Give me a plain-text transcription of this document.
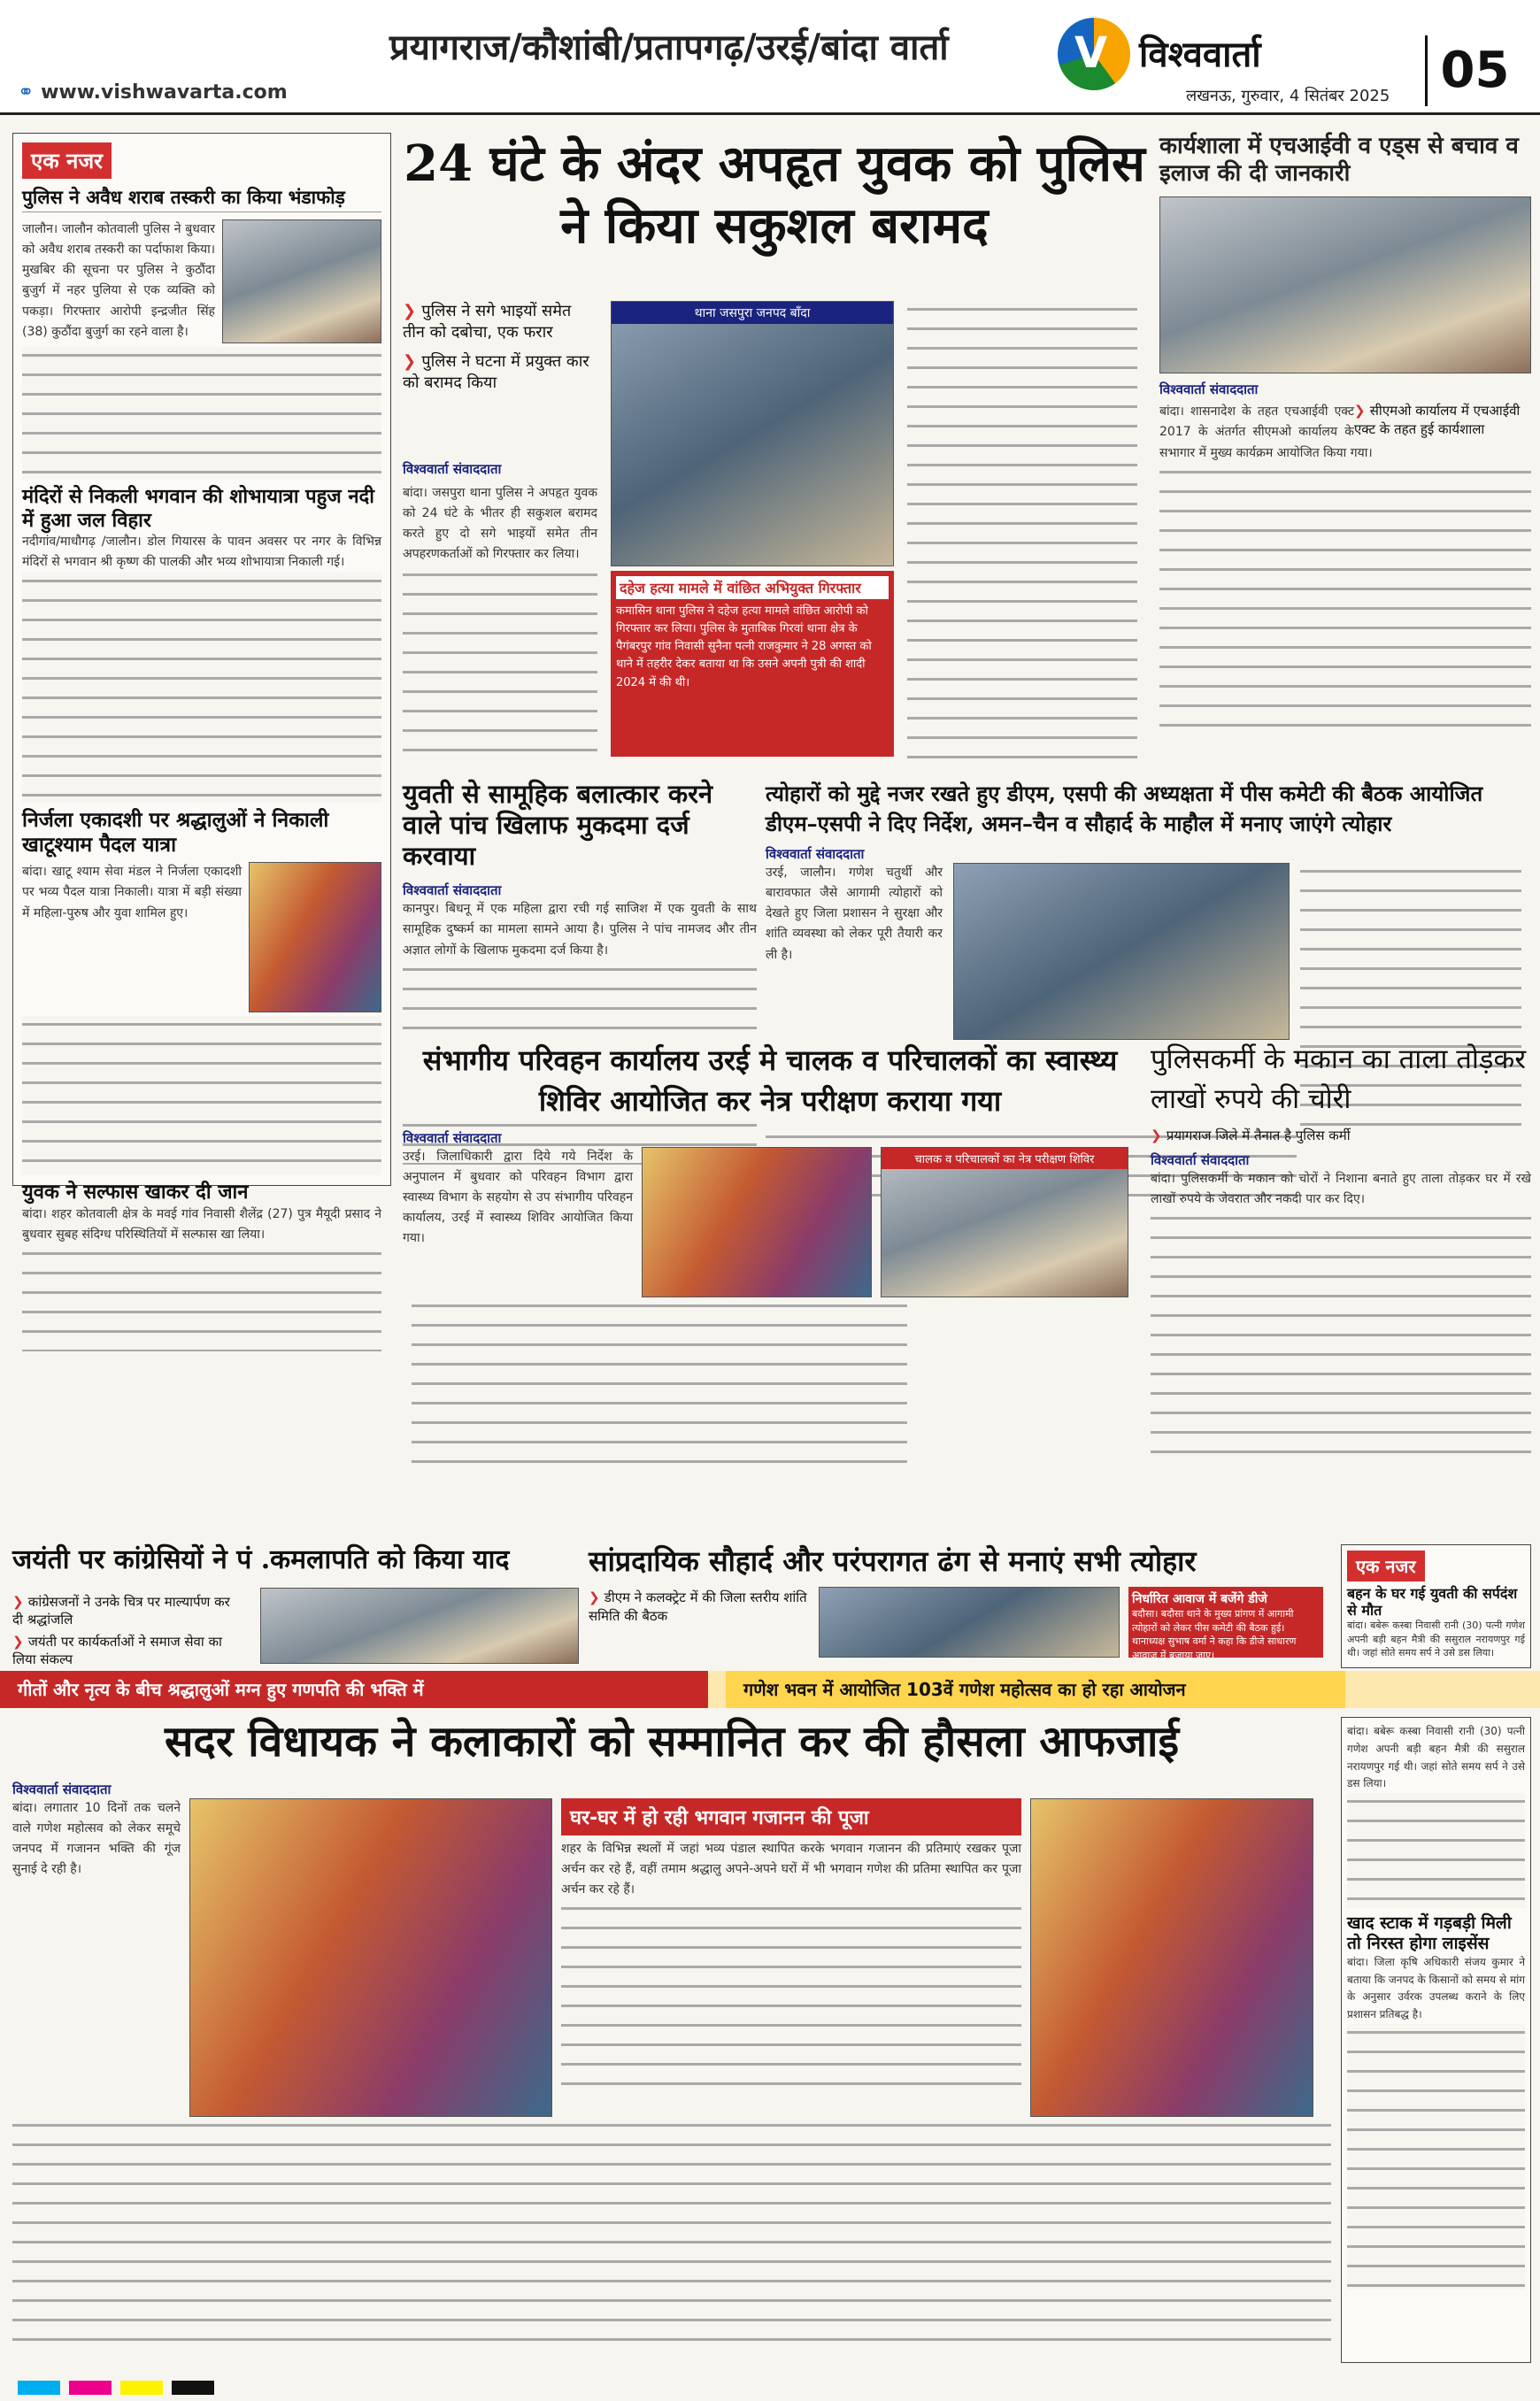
प्रयागराज/कौशांबी/प्रतापगढ़/उरई/बांदा वार्ता
⚭ www.vishwavarta.com
V विश्ववार्ता
लखनऊ, गुरुवार, 4 सितंबर 2025	05
एक नजर
पुलिस ने अवैध शराब तस्करी का किया भंडाफोड़
जालौन। जालौन कोतवाली पुलिस ने बुधवार को अवैध शराब तस्करी का पर्दाफाश किया। मुखबिर की सूचना पर पुलिस ने कुठौंदा बुजुर्ग में नहर पुलिया से एक व्यक्ति को पकड़ा। गिरफ्तार आरोपी इन्द्रजीत सिंह (38) कुठौंदा बुजुर्ग का रहने वाला है।
मंदिरों से निकली भगवान की शोभायात्रा पहुज नदी में हुआ जल विहार
नदीगांव/माधौगढ़ /जालौन। डोल गियारस के पावन अवसर पर नगर के विभिन्न मंदिरों से भगवान श्री कृष्ण की पालकी और भव्य शोभायात्रा निकाली गई।
निर्जला एकादशी पर श्रद्धालुओं ने निकाली खाटूश्याम पैदल यात्रा
बांदा। खाटू श्याम सेवा मंडल ने निर्जला एकादशी पर भव्य पैदल यात्रा निकाली। यात्रा में बड़ी संख्या में महिला-पुरुष और युवा शामिल हुए।
युवक ने सल्फास खाकर दी जान
बांदा। शहर कोतवाली क्षेत्र के मवई गांव निवासी शैलेंद्र (27) पुत्र मैयूदी प्रसाद ने बुधवार सुबह संदिग्ध परिस्थितियों में सल्फास खा लिया।
24 घंटे के अंदर अपहृत युवक को पुलिस ने किया सकुशल बरामद
❯ पुलिस ने सगे भाइयों समेत तीन को दबोचा, एक फरार
❯ पुलिस ने घटना में प्रयुक्त कार को बरामद किया
विश्ववार्ता संवाददाता
बांदा। जसपुरा थाना पुलिस ने अपहृत युवक को 24 घंटे के भीतर ही सकुशल बरामद करते हुए दो सगे भाइयों समेत तीन अपहरणकर्ताओं को गिरफ्तार कर लिया।
थाना जसपुरा जनपद बाँदा
दहेज हत्या मामले में वांछित अभियुक्त गिरफ्तार
कमासिन थाना पुलिस ने दहेज हत्या मामले वांछित आरोपी को गिरफ्तार कर लिया। पुलिस के मुताबिक गिरवां थाना क्षेत्र के पैगंबरपुर गांव निवासी सुनैना पत्नी राजकुमार ने 28 अगस्त को थाने में तहरीर देकर बताया था कि उसने अपनी पुत्री की शादी 2024 में की थी।
कार्यशाला में एचआईवी व एड्स से बचाव व इलाज की दी जानकारी
विश्ववार्ता संवाददाता
❯ सीएमओ कार्यालय में एचआईवी एक्ट के तहत हुई कार्यशाला
बांदा। शासनादेश के तहत एचआईवी एक्ट 2017 के अंतर्गत सीएमओ कार्यालय के सभागार में मुख्य कार्यक्रम आयोजित किया गया।
युवती से सामूहिक बलात्कार करने वाले पांच खिलाफ मुकदमा दर्ज करवाया
विश्ववार्ता संवाददाता
कानपुर। बिधनू में एक महिला द्वारा रची गई साजिश में एक युवती के साथ सामूहिक दुष्कर्म का मामला सामने आया है। पुलिस ने पांच नामजद और तीन अज्ञात लोगों के खिलाफ मुकदमा दर्ज किया है।
त्योहारों को मुद्दे नजर रखते हुए डीएम, एसपी की अध्यक्षता में पीस कमेटी की बैठक आयोजित डीएम–एसपी ने दिए निर्देश, अमन–चैन व सौहार्द के माहौल में मनाए जाएंगे त्योहार
विश्ववार्ता संवाददाता
उरई, जालौन। गणेश चतुर्थी और बारावफात जैसे आगामी त्योहारों को देखते हुए जिला प्रशासन ने सुरक्षा और शांति व्यवस्था को लेकर पूरी तैयारी कर ली है।
संभागीय परिवहन कार्यालय उरई मे चालक व परिचालकों का स्वास्थ्य शिविर आयोजित कर नेत्र परीक्षण कराया गया
विश्ववार्ता संवाददाता
उरई। जिलाधिकारी द्वारा दिये गये निर्देश के अनुपालन में बुधवार को परिवहन विभाग द्वारा स्वास्थ्य विभाग के सहयोग से उप संभागीय परिवहन कार्यालय, उरई में स्वास्थ्य शिविर आयोजित किया गया।
चालक व परिचालकों का नेत्र परीक्षण शिविर
पुलिसकर्मी के मकान का ताला तोड़कर लाखों रुपये की चोरी
❯ प्रयागराज जिले में तैनात है पुलिस कर्मी
विश्ववार्ता संवाददाता
बांदा। पुलिसकर्मी के मकान को चोरों ने निशाना बनाते हुए ताला तोड़कर घर में रखे लाखों रुपये के जेवरात और नकदी पार कर दिए।
जयंती पर कांग्रेसियों ने पं .कमलापति को किया याद
❯ कांग्रेसजनों ने उनके चित्र पर माल्यार्पण कर दी श्रद्धांजलि
❯ जयंती पर कार्यकर्ताओं ने समाज सेवा का लिया संकल्प
सांप्रदायिक सौहार्द और परंपरागत ढंग से मनाएं सभी त्योहार
❯ डीएम ने कलक्ट्रेट में की जिला स्तरीय शांति समिति की बैठक
निर्धारित आवाज में बजेंगे डीजे
बदौसा। बदौसा थाने के मुख्य प्रांगण में आगामी त्योहारों को लेकर पीस कमेटी की बैठक हुई। थानाध्यक्ष सुभाष वर्मा ने कहा कि डीजे साधारण आवाज में बजाया जाए।
एक नजर
बहन के घर गई युवती की सर्पदंश से मौत
बांदा। बबेरू कस्बा निवासी रानी (30) पत्नी गणेश अपनी बड़ी बहन मैत्री की ससुराल नरायणपुर गई थी। जहां सोते समय सर्प ने उसे डस लिया।
गीतों और नृत्य के बीच श्रद्धालुओं मग्न हुए गणपति की भक्ति में	गणेश भवन में आयोजित 103वें गणेश महोत्सव का हो रहा आयोजन
सदर विधायक ने कलाकारों को सम्मानित कर की हौसला आफजाई
विश्ववार्ता संवाददाता
बांदा। लगातार 10 दिनों तक चलने वाले गणेश महोत्सव को लेकर समूचे जनपद में गजानन भक्ति की गूंज सुनाई दे रही है।
घर-घर में हो रही भगवान गजानन की पूजा
शहर के विभिन्न स्थलों में जहां भव्य पंडाल स्थापित करके भगवान गजानन की प्रतिमाएं रखकर पूजा अर्चन कर रहे हैं, वहीं तमाम श्रद्धालु अपने-अपने घरों में भी भगवान गणेश की प्रतिमा स्थापित कर पूजा अर्चन कर रहे हैं।
बांदा। बबेरू कस्बा निवासी रानी (30) पत्नी गणेश अपनी बड़ी बहन मैत्री की ससुराल नरायणपुर गई थी। जहां सोते समय सर्प ने उसे डस लिया।
खाद स्टाक में गड़बड़ी मिली तो निरस्त होगा लाइसेंस
बांदा। जिला कृषि अधिकारी संजय कुमार ने बताया कि जनपद के किसानों को समय से मांग के अनुसार उर्वरक उपलब्ध कराने के लिए प्रशासन प्रतिबद्ध है।
